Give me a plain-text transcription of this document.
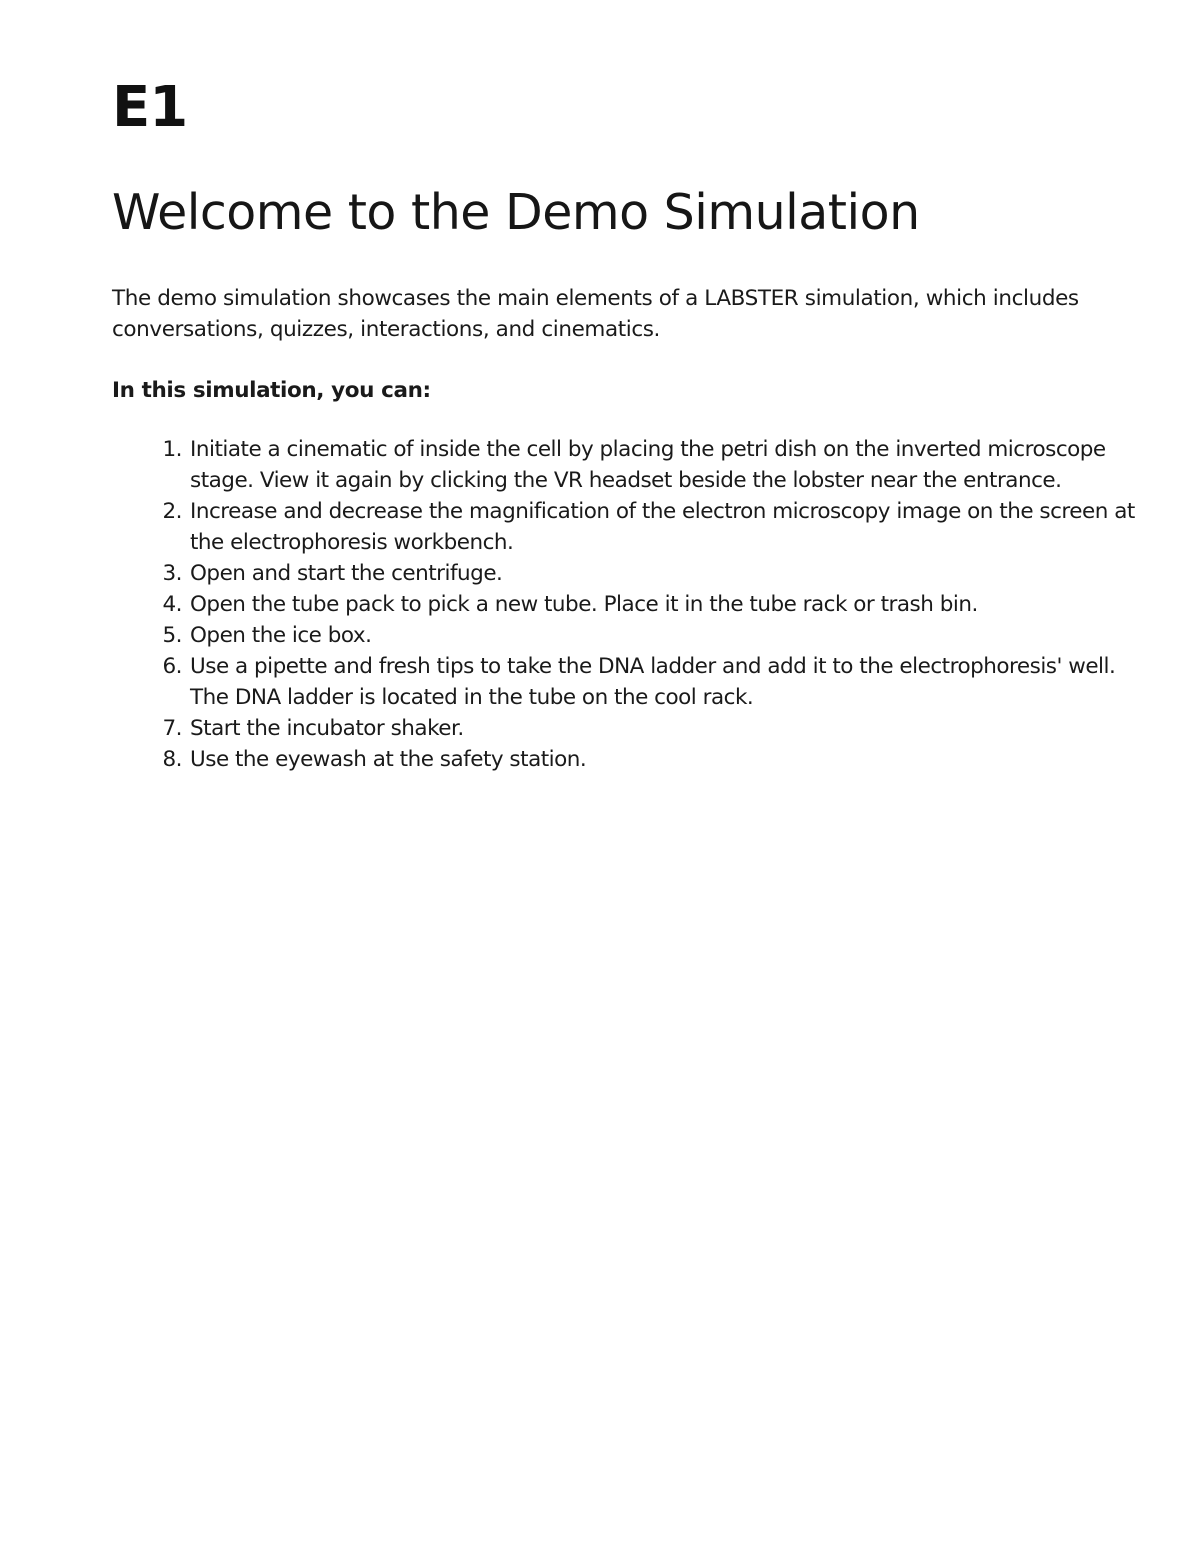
E1
Welcome to the Demo Simulation

The demo simulation showcases the main elements of a LABSTER simulation, which includes conversations, quizzes, interactions, and cinematics.

In this simulation, you can:

1. Initiate a cinematic of inside the cell by placing the petri dish on the inverted microscope stage. View it again by clicking the VR headset beside the lobster near the entrance.
2. Increase and decrease the magnification of the electron microscopy image on the screen at the electrophoresis workbench.
3. Open and start the centrifuge.
4. Open the tube pack to pick a new tube. Place it in the tube rack or trash bin.
5. Open the ice box.
6. Use a pipette and fresh tips to take the DNA ladder and add it to the electrophoresis' well. The DNA ladder is located in the tube on the cool rack.
7. Start the incubator shaker.
8. Use the eyewash at the safety station.
